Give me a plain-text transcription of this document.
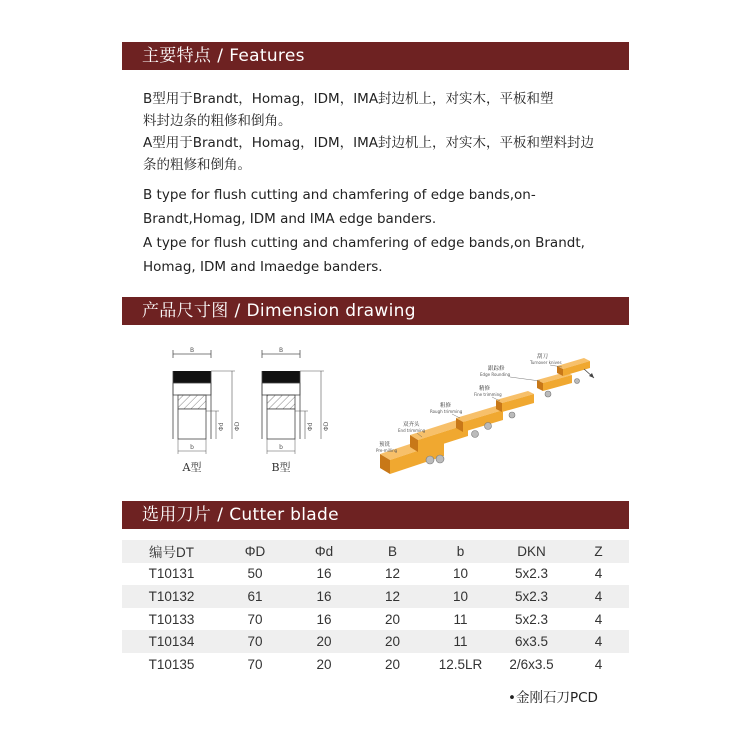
主要特点 / Features
B型用于Brandt，Homag，IDM，IMA封边机上，对实木，平板和塑
料封边条的粗修和倒角。
A型用于Brandt，Homag，IDM，IMA封边机上，对实木，平板和塑料封边
条的粗修和倒角。
B type for flush cutting and chamfering of edge bands,on-
Brandt,Homag, IDM and IMA edge banders.
A type for flush cutting and chamfering of edge bands,on Brandt,
Homag, IDM and Imaedge banders.
产品尺寸图 / Dimension drawing
B
Φd ΦD
b
A型
B
Φd ΦD
b
B型
刮刀
Turnover knives
跟踪修
Edge Rounding
精修
Fine trimming
粗修
Rough trimming
双齐头
End trimming
预铣
Pre-milling
选用刀片 / Cutter blade
编号DT	ΦD	Φd	B	b	DKN	Z
T10131	50	16	12	10	5x2.3	4
T10132	61	16	12	10	5x2.3	4
T10133	70	16	20	11	5x2.3	4
T10134	70	20	20	11	6x3.5	4
T10135	70	20	20	12.5LR	2/6x3.5	4
•金刚石刀PCD
